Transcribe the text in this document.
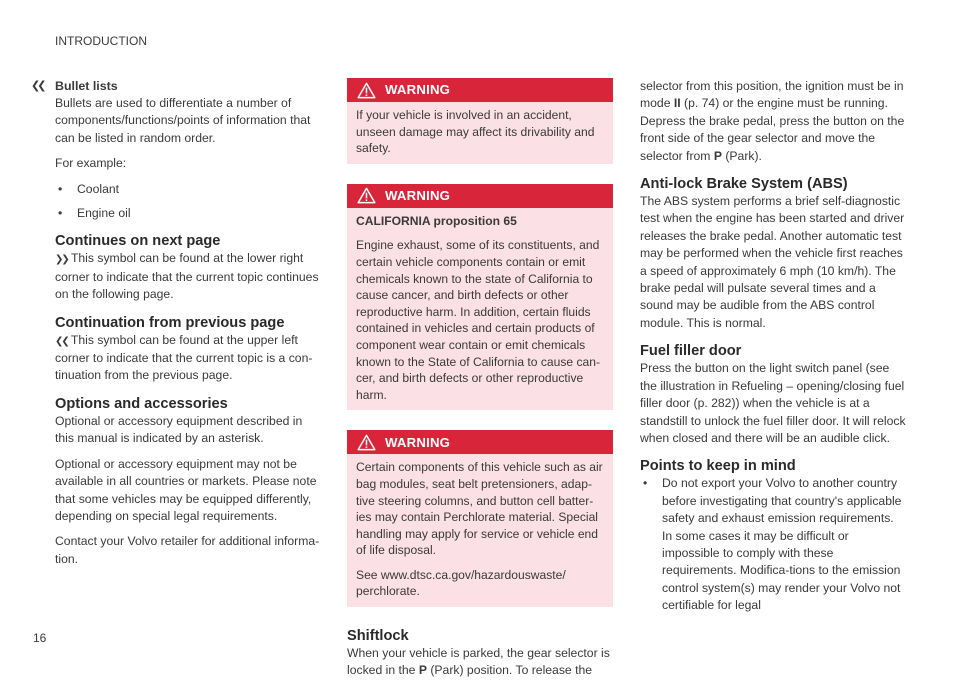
INTRODUCTION
❮❮ Bullet lists

Bullets are used to differentiate a number of components/functions/points of information that can be listed in random order.

For example:

• Coolant
• Engine oil
Continues on next page

❯❯ This symbol can be found at the lower right corner to indicate that the current topic continues on the following page.

Continuation from previous page

❮❮ This symbol can be found at the upper left corner to indicate that the current topic is a con-tinuation from the previous page.

Options and accessories

Optional or accessory equipment described in this manual is indicated by an asterisk.

Optional or accessory equipment may not be available in all countries or markets. Please note that some vehicles may be equipped differently, depending on special legal requirements.

Contact your Volvo retailer for additional informa-tion.

WARNING

If your vehicle is involved in an accident, unseen damage may affect its drivability and safety.

WARNING

CALIFORNIA proposition 65

Engine exhaust, some of its constituents, and certain vehicle components contain or emit chemicals known to the state of California to cause cancer, and birth defects or other reproductive harm. In addition, certain fluids contained in vehicles and certain products of component wear contain or emit chemicals known to the State of California to cause can-cer, and birth defects or other reproductive harm.

WARNING

Certain components of this vehicle such as air bag modules, seat belt pretensioners, adap-tive steering columns, and button cell batter-ies may contain Perchlorate material. Special handling may apply for service or vehicle end of life disposal.

See www.dtsc.ca.gov/hazardouswaste/ perchlorate.

Shiftlock

When your vehicle is parked, the gear selector is locked in the P (Park) position. To release the

selector from this position, the ignition must be in mode II (p. 74) or the engine must be running. Depress the brake pedal, press the button on the front side of the gear selector and move the selector from P (Park).

Anti-lock Brake System (ABS)

The ABS system performs a brief self-diagnostic test when the engine has been started and driver releases the brake pedal. Another automatic test may be performed when the vehicle first reaches a speed of approximately 6 mph (10 km/h). The brake pedal will pulsate several times and a sound may be audible from the ABS control module. This is normal.

Fuel filler door

Press the button on the light switch panel (see the illustration in Refueling – opening/closing fuel filler door (p. 282)) when the vehicle is at a standstill to unlock the fuel filler door. It will relock when closed and there will be an audible click.

Points to keep in mind
• Do not export your Volvo to another country before investigating that country's applicable safety and exhaust emission requirements. In some cases it may be difficult or impossible to comply with these requirements. Modifica-tions to the emission control system(s) may render your Volvo not certifiable for legal
16
